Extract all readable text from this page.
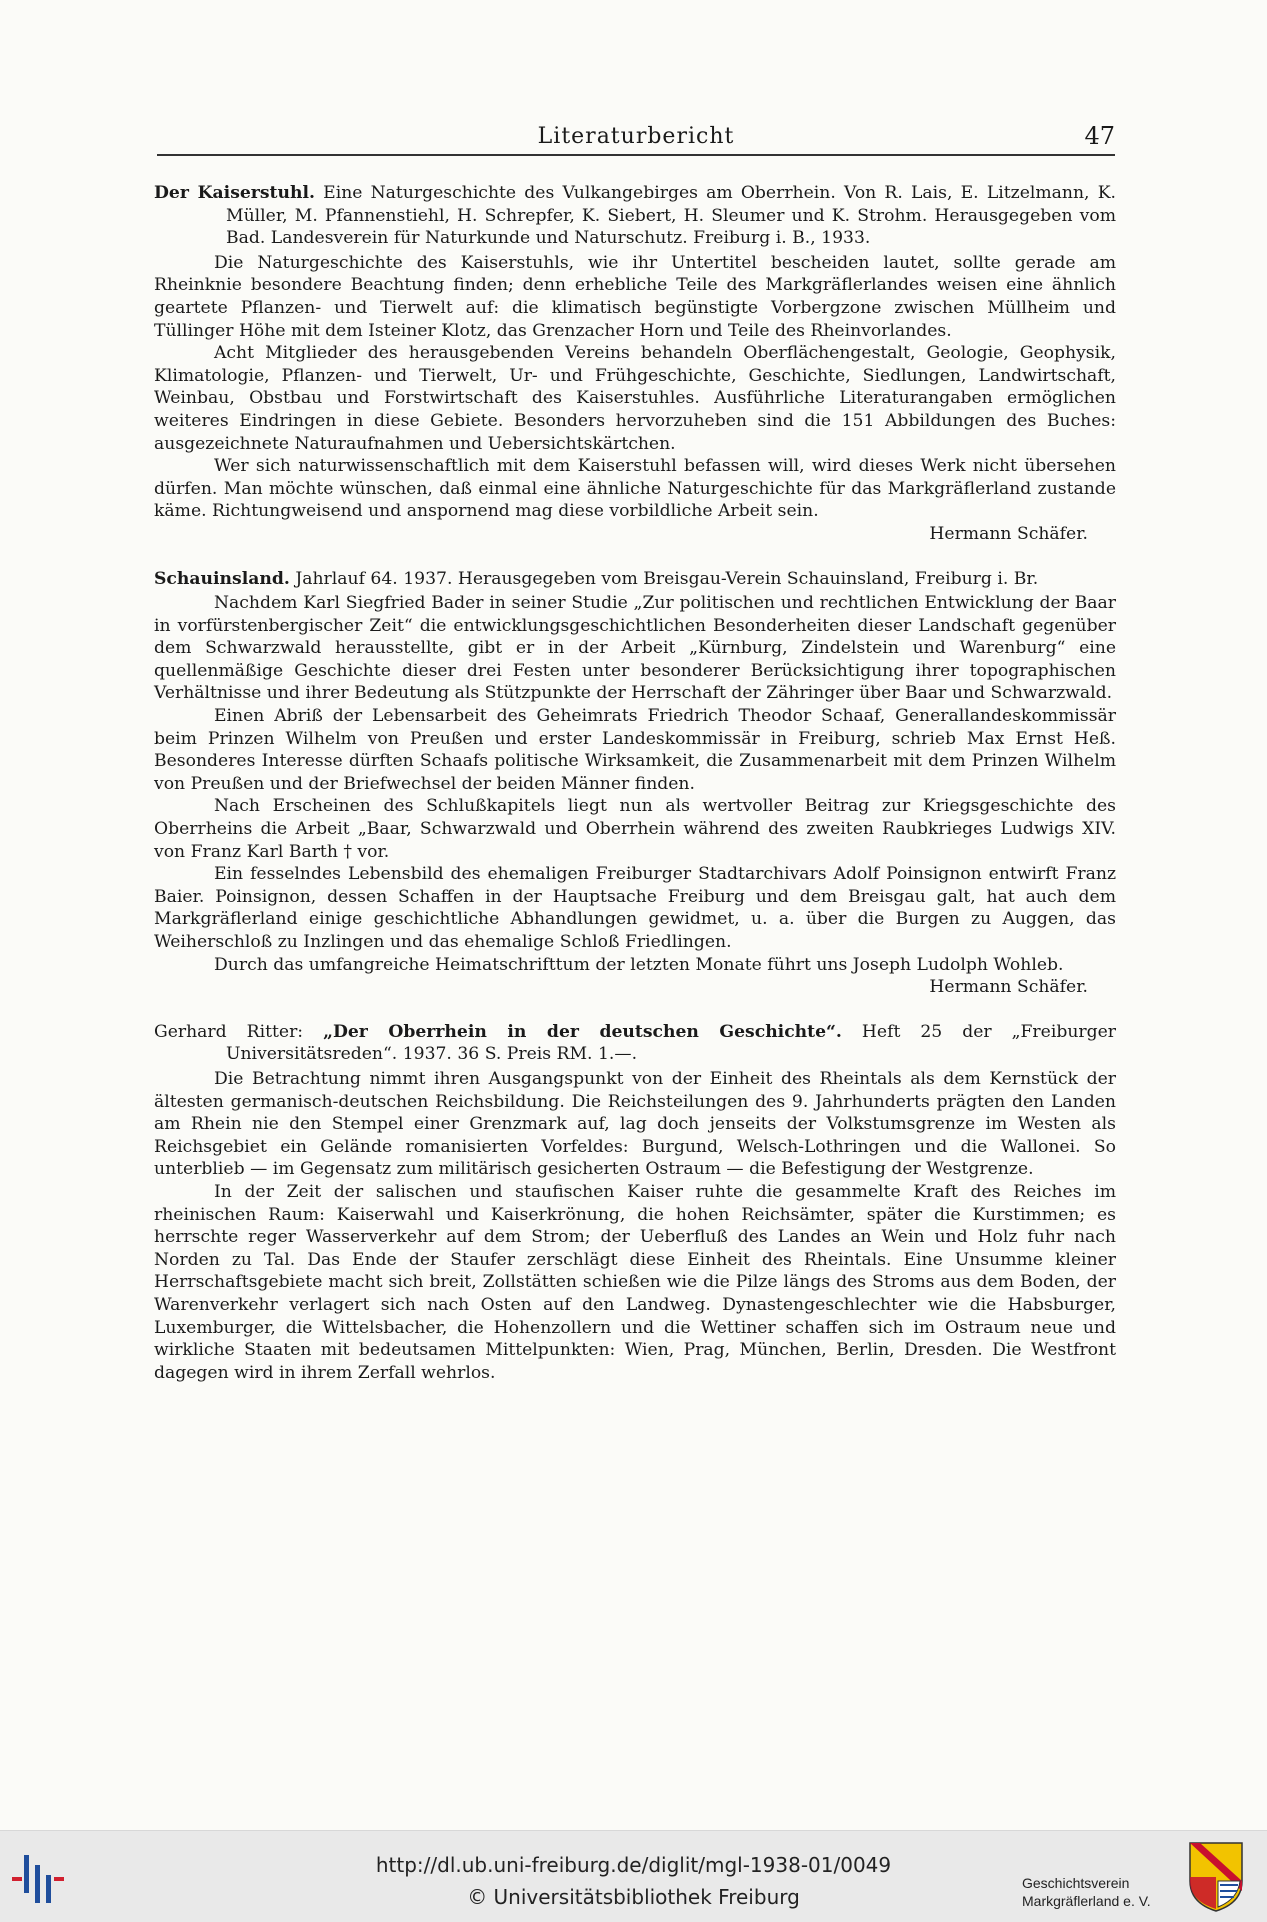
Literaturbericht	47
Der Kaiserstuhl. Eine Naturgeschichte des Vulkangebirges am Oberrhein. Von R. Lais, E. Litzelmann, K. Müller, M. Pfannenstiehl, H. Schrepfer, K. Siebert, H. Sleumer und K. Strohm. Herausgegeben vom Bad. Landesverein für Naturkunde und Naturschutz. Freiburg i. B., 1933.

Die Naturgeschichte des Kaiserstuhls, wie ihr Untertitel bescheiden lautet, sollte gerade am Rheinknie besondere Beachtung finden; denn erhebliche Teile des Markgräflerlandes weisen eine ähnlich geartete Pflanzen- und Tierwelt auf: die klimatisch begünstigte Vorbergzone zwischen Müllheim und Tüllinger Höhe mit dem Isteiner Klotz, das Grenzacher Horn und Teile des Rheinvorlandes.

Acht Mitglieder des herausgebenden Vereins behandeln Oberflächengestalt, Geologie, Geophysik, Klimatologie, Pflanzen- und Tierwelt, Ur- und Frühgeschichte, Geschichte, Siedlungen, Landwirtschaft, Weinbau, Obstbau und Forstwirtschaft des Kaiserstuhles. Ausführliche Literaturangaben ermöglichen weiteres Eindringen in diese Gebiete. Besonders hervorzuheben sind die 151 Abbildungen des Buches: ausgezeichnete Naturaufnahmen und Uebersichtskärtchen.

Wer sich naturwissenschaftlich mit dem Kaiserstuhl befassen will, wird dieses Werk nicht übersehen dürfen. Man möchte wünschen, daß einmal eine ähnliche Naturgeschichte für das Markgräflerland zustande käme. Richtungweisend und anspornend mag diese vorbildliche Arbeit sein.

Hermann Schäfer.
Schauinsland. Jahrlauf 64. 1937. Herausgegeben vom Breisgau-Verein Schauinsland, Freiburg i. Br.

Nachdem Karl Siegfried Bader in seiner Studie „Zur politischen und rechtlichen Entwicklung der Baar in vorfürstenbergischer Zeit“ die entwicklungsgeschichtlichen Besonderheiten dieser Landschaft gegenüber dem Schwarzwald herausstellte, gibt er in der Arbeit „Kürnburg, Zindelstein und Warenburg“ eine quellenmäßige Geschichte dieser drei Festen unter besonderer Berücksichtigung ihrer topographischen Verhältnisse und ihrer Bedeutung als Stützpunkte der Herrschaft der Zähringer über Baar und Schwarzwald.

Einen Abriß der Lebensarbeit des Geheimrats Friedrich Theodor Schaaf, Generallandeskommissär beim Prinzen Wilhelm von Preußen und erster Landeskommissär in Freiburg, schrieb Max Ernst Heß. Besonderes Interesse dürften Schaafs politische Wirksamkeit, die Zusammenarbeit mit dem Prinzen Wilhelm von Preußen und der Briefwechsel der beiden Männer finden.

Nach Erscheinen des Schlußkapitels liegt nun als wertvoller Beitrag zur Kriegsgeschichte des Oberrheins die Arbeit „Baar, Schwarzwald und Oberrhein während des zweiten Raubkrieges Ludwigs XIV. von Franz Karl Barth † vor.

Ein fesselndes Lebensbild des ehemaligen Freiburger Stadtarchivars Adolf Poinsignon entwirft Franz Baier. Poinsignon, dessen Schaffen in der Hauptsache Freiburg und dem Breisgau galt, hat auch dem Markgräflerland einige geschichtliche Abhandlungen gewidmet, u. a. über die Burgen zu Auggen, das Weiherschloß zu Inzlingen und das ehemalige Schloß Friedlingen.

Durch das umfangreiche Heimatschrifttum der letzten Monate führt uns Joseph Ludolph Wohleb.

Hermann Schäfer.
Gerhard Ritter: „Der Oberrhein in der deutschen Geschichte“. Heft 25 der „Freiburger Universitätsreden“. 1937. 36 S. Preis RM. 1.—.

Die Betrachtung nimmt ihren Ausgangspunkt von der Einheit des Rheintals als dem Kernstück der ältesten germanisch-deutschen Reichsbildung. Die Reichsteilungen des 9. Jahrhunderts prägten den Landen am Rhein nie den Stempel einer Grenzmark auf, lag doch jenseits der Volkstumsgrenze im Westen als Reichsgebiet ein Gelände romanisierten Vorfeldes: Burgund, Welsch-Lothringen und die Wallonei. So unterblieb — im Gegensatz zum militärisch gesicherten Ostraum — die Befestigung der Westgrenze.

In der Zeit der salischen und staufischen Kaiser ruhte die gesammelte Kraft des Reiches im rheinischen Raum: Kaiserwahl und Kaiserkrönung, die hohen Reichsämter, später die Kurstimmen; es herrschte reger Wasserverkehr auf dem Strom; der Ueberfluß des Landes an Wein und Holz fuhr nach Norden zu Tal. Das Ende der Staufer zerschlägt diese Einheit des Rheintals. Eine Unsumme kleiner Herrschaftsgebiete macht sich breit, Zollstätten schießen wie die Pilze längs des Stroms aus dem Boden, der Warenverkehr verlagert sich nach Osten auf den Landweg. Dynastengeschlechter wie die Habsburger, Luxemburger, die Wittelsbacher, die Hohenzollern und die Wettiner schaffen sich im Ostraum neue und wirkliche Staaten mit bedeutsamen Mittelpunkten: Wien, Prag, München, Berlin, Dresden. Die Westfront dagegen wird in ihrem Zerfall wehrlos.

http://dl.ub.uni-freiburg.de/diglit/mgl-1938-01/0049
© Universitätsbibliothek Freiburg
Geschichtsverein
Markgräflerland e. V.
